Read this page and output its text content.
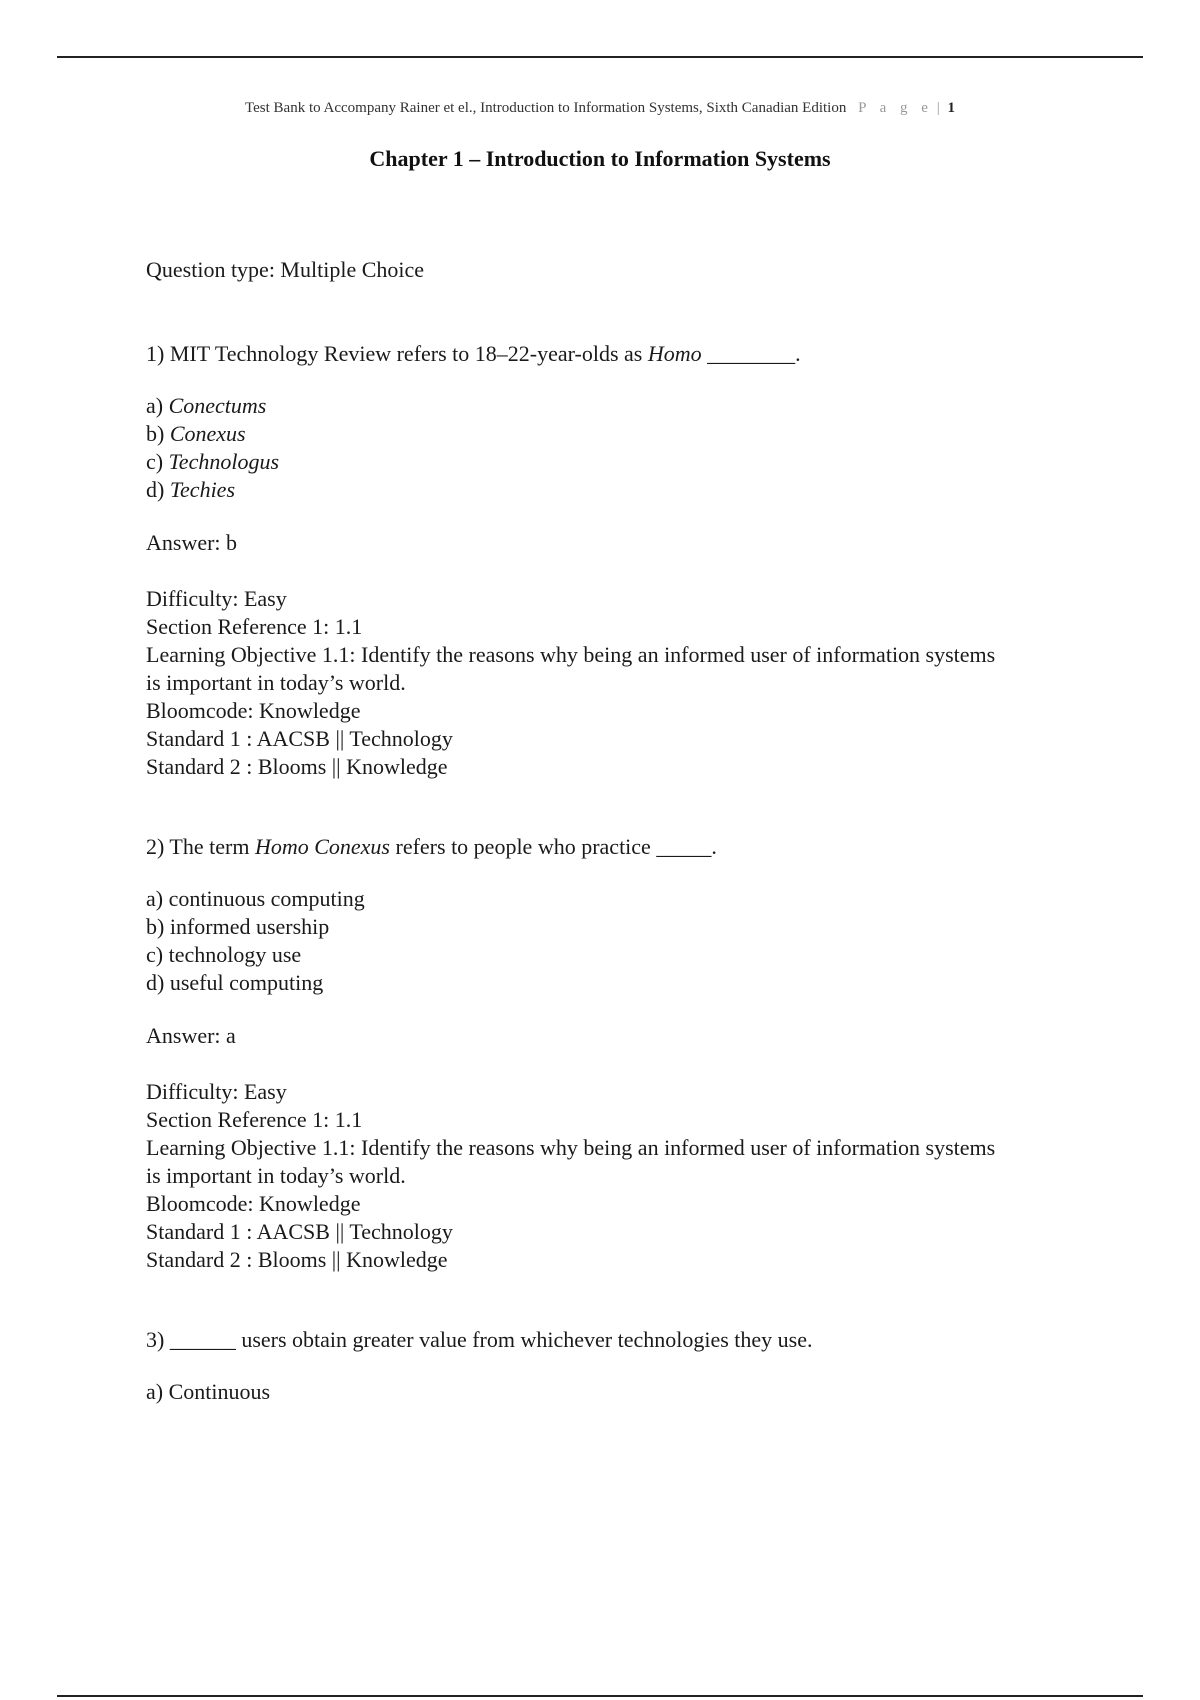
Test Bank to Accompany Rainer et el., Introduction to Information Systems, Sixth Canadian Edition P a g e | 1
Chapter 1 – Introduction to Information Systems

Question type: Multiple Choice

1) MIT Technology Review refers to 18–22-year-olds as Homo ________.

a) Conectums

b) Conexus

c) Technologus

d) Techies

Answer: b

Difficulty: Easy

Section Reference 1: 1.1

Learning Objective 1.1: Identify the reasons why being an informed user of information systems

is important in today’s world.

Bloomcode: Knowledge

Standard 1 : AACSB || Technology

Standard 2 : Blooms || Knowledge

2) The term Homo Conexus refers to people who practice _____.

a) continuous computing

b) informed usership

c) technology use

d) useful computing

Answer: a

Difficulty: Easy

Section Reference 1: 1.1

Learning Objective 1.1: Identify the reasons why being an informed user of information systems

is important in today’s world.

Bloomcode: Knowledge

Standard 1 : AACSB || Technology

Standard 2 : Blooms || Knowledge

3) ______ users obtain greater value from whichever technologies they use.

a) Continuous
